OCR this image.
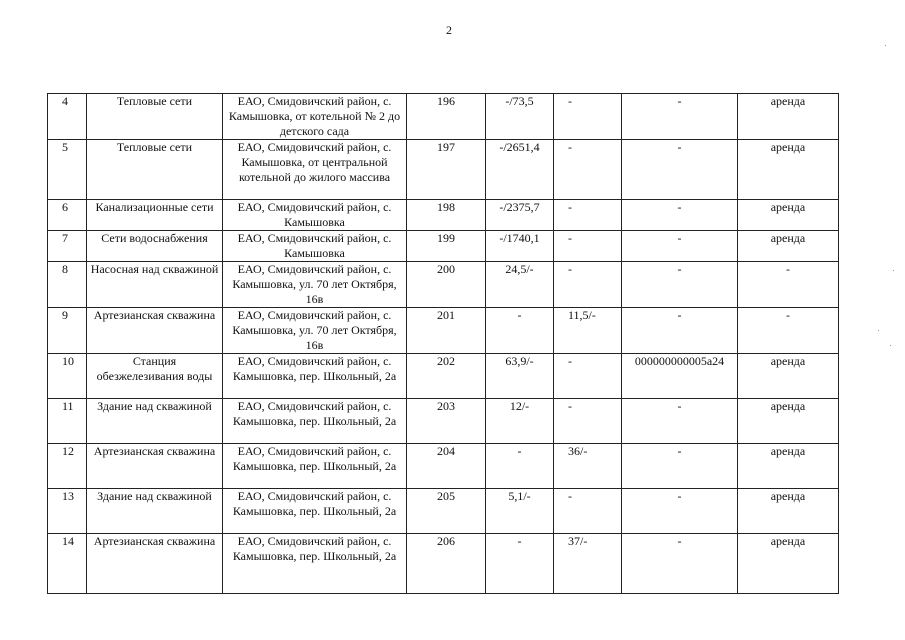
2
4	Тепловые сети	ЕАО, Смидовичский район, с. Камышовка, от котельной № 2 до детского сада	196	-/73,5	-	-	аренда
5	Тепловые сети	ЕАО, Смидовичский район, с. Камышовка, от центральной котельной до жилого массива	197	-/2651,4	-	-	аренда
6	Канализационные сети	ЕАО, Смидовичский район, с. Камышовка	198	-/2375,7	-	-	аренда
7	Сети водоснабжения	ЕАО, Смидовичский район, с. Камышовка	199	-/1740,1	-	-	аренда
8	Насосная над скважиной	ЕАО, Смидовичский район, с. Камышовка, ул. 70 лет Октября, 16в	200	24,5/-	-	-	-
9	Артезианская скважина	ЕАО, Смидовичский район, с. Камышовка, ул. 70 лет Октября, 16в	201	-	11,5/-	-	-
10	Станция обезжелезивания воды	ЕАО, Смидовичский район, с. Камышовка, пер. Школьный, 2а	202	63,9/-	-	000000000005a24	аренда
11	Здание над скважиной	ЕАО, Смидовичский район, с. Камышовка, пер. Школьный, 2а	203	12/-	-	-	аренда
12	Артезианская скважина	ЕАО, Смидовичский район, с. Камышовка, пер. Школьный, 2а	204	-	36/-	-	аренда
13	Здание над скважиной	ЕАО, Смидовичский район, с. Камышовка, пер. Школьный, 2а	205	5,1/-	-	-	аренда
14	Артезианская скважина	ЕАО, Смидовичский район, с. Камышовка, пер. Школьный, 2а	206	-	37/-	-	аренда
